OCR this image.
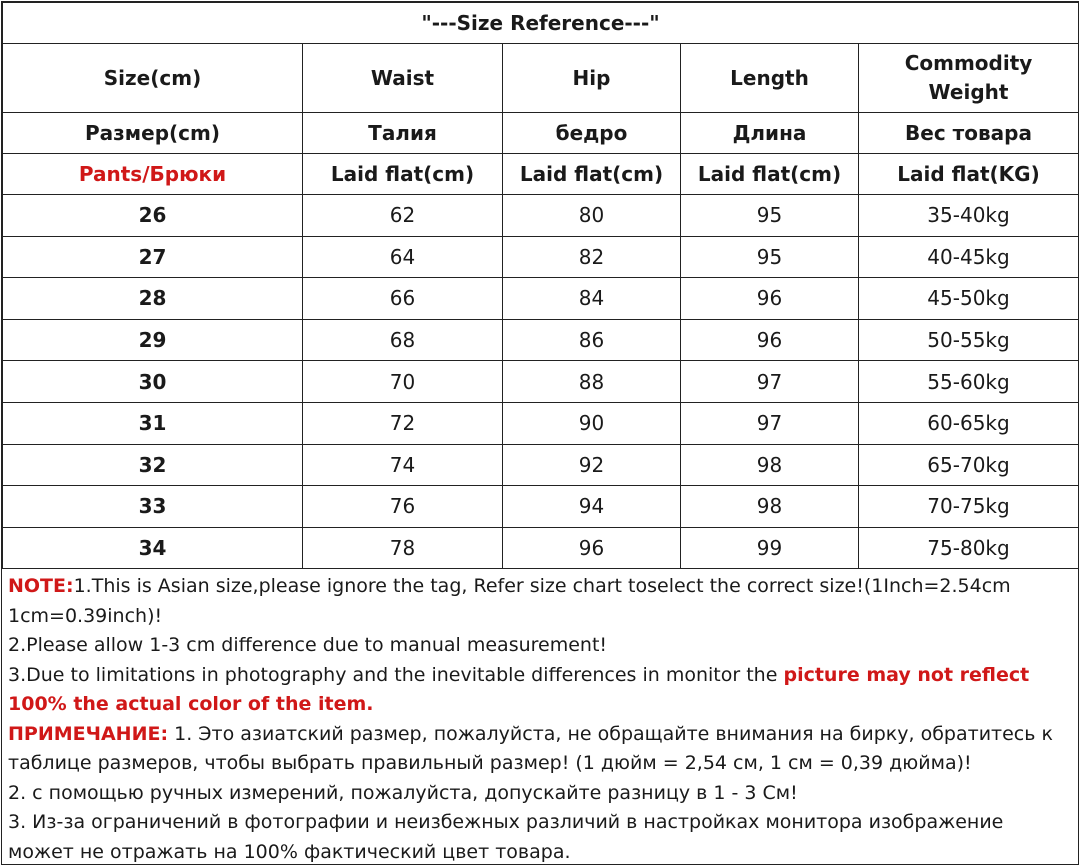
"---Size Reference---"				
Size(cm)	Waist	Hip	Length	Commodity Weight
Размер(cm)	Талия	бедро	Длина	Вес товара
Pants/Брюки	Laid flat(cm)	Laid flat(cm)	Laid flat(cm)	Laid flat(KG)
26	62	80	95	35-40kg
27	64	82	95	40-45kg
28	66	84	96	45-50kg
29	68	86	96	50-55kg
30	70	88	97	55-60kg
31	72	90	97	60-65kg
32	74	92	98	65-70kg
33	76	94	98	70-75kg
34	78	96	99	75-80kg

NOTE:1.This is Asian size,please ignore the tag, Refer size chart toselect the correct size!(1Inch=2.54cm 1cm=0.39inch)!

2.Please allow 1-3 cm difference due to manual measurement!

3.Due to limitations in photography and the inevitable differences in monitor the picture may not reflect 100% the actual color of the item.

ПРИМЕЧАНИЕ: 1. Это азиатский размер, пожалуйста, не обращайте внимания на бирку, обратитесь к таблице размеров, чтобы выбрать правильный размер! (1 дюйм = 2,54 см, 1 см = 0,39 дюйма)!

2. с помощью ручных измерений, пожалуйста, допускайте разницу в 1 - 3 См!

3. Из-за ограничений в фотографии и неизбежных различий в настройках монитора изображение может не отражать на 100% фактический цвет товара.
